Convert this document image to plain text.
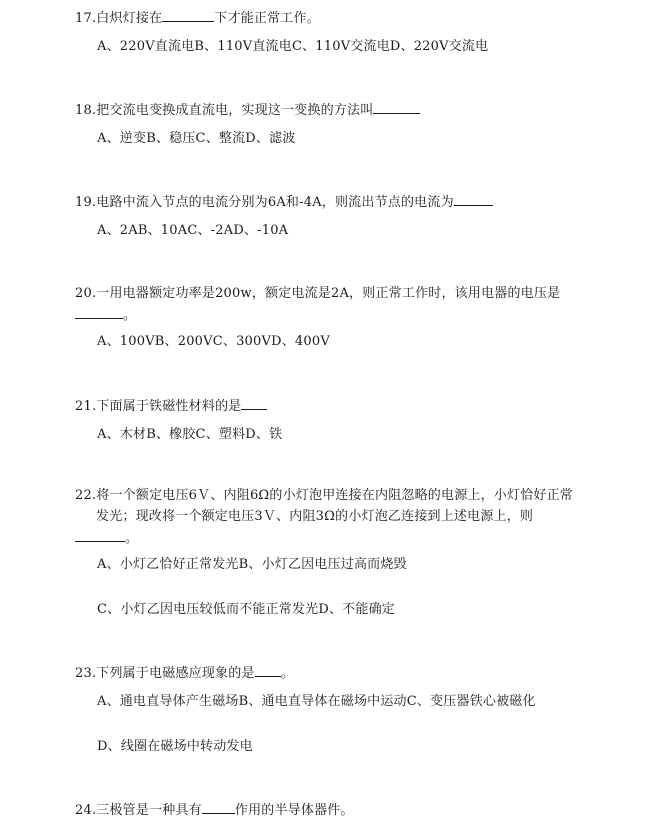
17.白炽灯接在	下才能正常工作。
A、220V直流电B、110V直流电C、110V交流电D、220V交流电
18.把交流电变换成直流电，实现这一变换的方法叫
A、逆变B、稳压C、整流D、滤波
19.电路中流入节点的电流分别为6A和-4A，则流出节点的电流为
A、2AB、10AC、-2AD、-10A
20.一用电器额定功率是200w，额定电流是2A，则正常工作时，该用电器的电压是
。
A、100VB、200VC、300VD、400V
21.下面属于铁磁性材料的是
A、木材B、橡胶C、塑料D、铁
22.将一个额定电压6Ｖ、内阻6Ω的小灯泡甲连接在内阻忽略的电源上，小灯恰好正常
发光；现改将一个额定电压3Ｖ、内阻3Ω的小灯泡乙连接到上述电源上，则
。
A、小灯乙恰好正常发光B、小灯乙因电压过高而烧毁
C、小灯乙因电压较低而不能正常发光D、不能确定
23.下列属于电磁感应现象的是 。
A、通电直导体产生磁场B、通电直导体在磁场中运动C、变压器铁心被磁化
D、线圈在磁场中转动发电
24.三极管是一种具有	作用的半导体器件。
